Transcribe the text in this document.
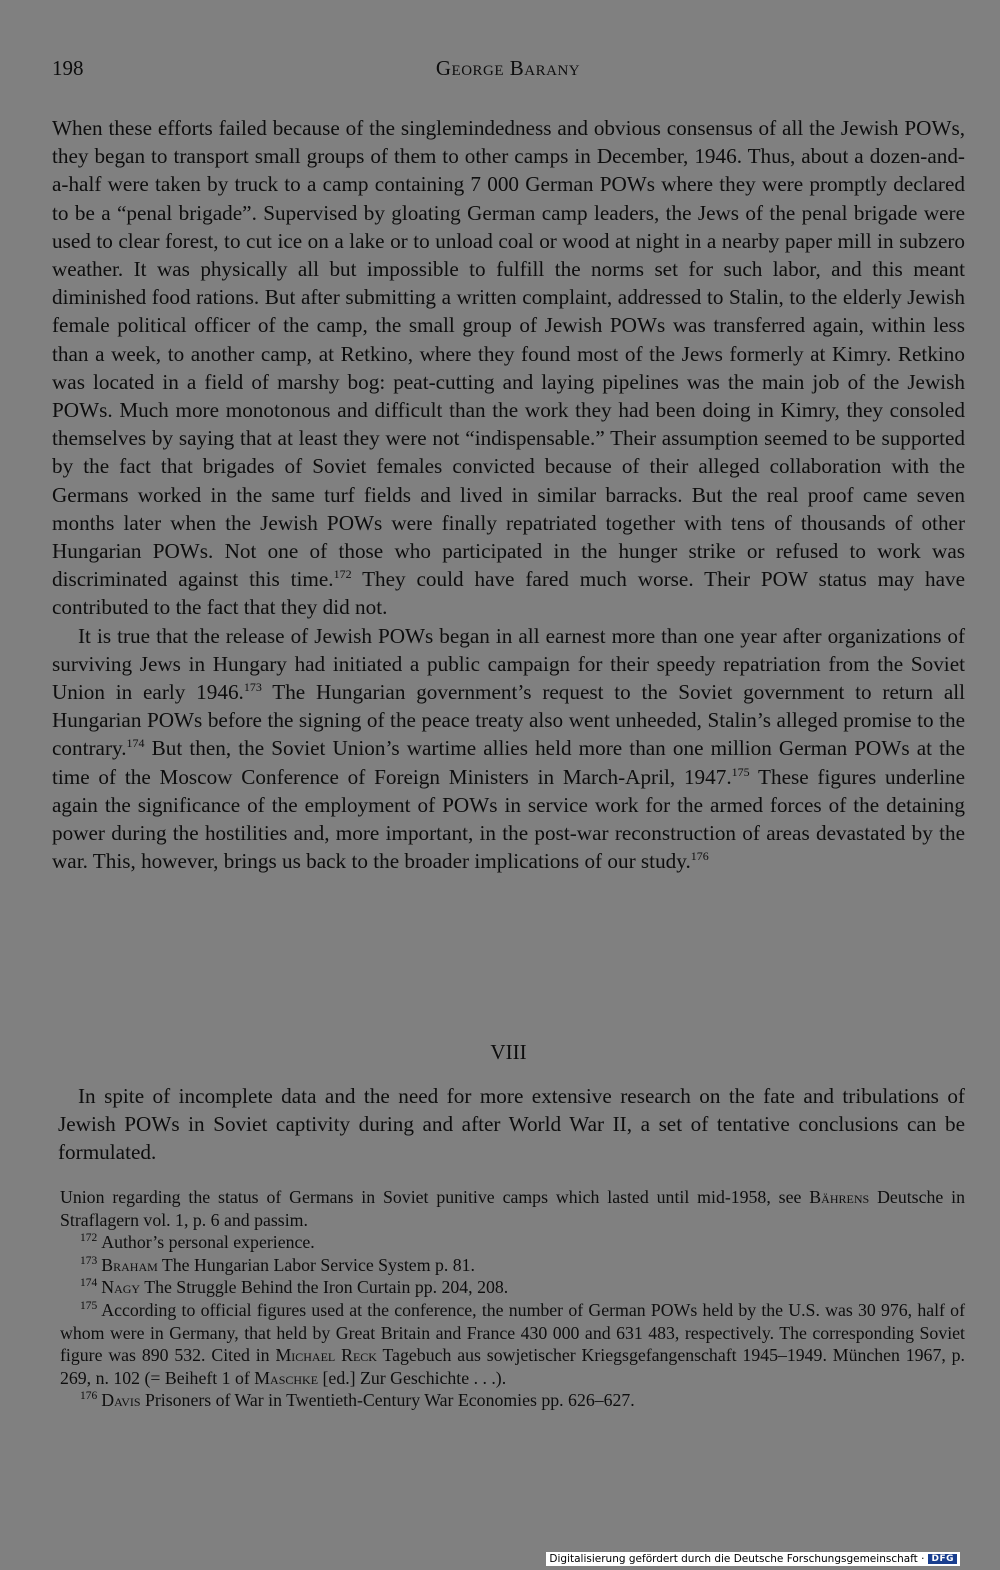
198	George Barany

When these efforts failed because of the singlemindedness and obvious consensus of all the Jewish POWs, they began to transport small groups of them to other camps in December, 1946. Thus, about a dozen-and-a-half were taken by truck to a camp containing 7 000 German POWs where they were promptly declared to be a “penal brigade”. Supervised by gloating German camp leaders, the Jews of the penal brigade were used to clear forest, to cut ice on a lake or to unload coal or wood at night in a nearby paper mill in subzero weather. It was physically all but impossible to fulfill the norms set for such labor, and this meant diminished food rations. But after submitting a written complaint, addressed to Stalin, to the elderly Jewish female political officer of the camp, the small group of Jewish POWs was transferred again, within less than a week, to another camp, at Retkino, where they found most of the Jews formerly at Kimry. Retkino was located in a field of marshy bog: peat-cutting and laying pipelines was the main job of the Jewish POWs. Much more monotonous and difficult than the work they had been doing in Kimry, they consoled themselves by saying that at least they were not “indispensable.” Their assumption seemed to be supported by the fact that brigades of Soviet females convicted because of their alleged collaboration with the Germans worked in the same turf fields and lived in similar barracks. But the real proof came seven months later when the Jewish POWs were finally repatriated together with tens of thousands of other Hungarian POWs. Not one of those who participated in the hunger strike or refused to work was discriminated against this time.$^{172}$ They could have fared much worse. Their POW status may have contributed to the fact that they did not.

It is true that the release of Jewish POWs began in all earnest more than one year after organizations of surviving Jews in Hungary had initiated a public campaign for their speedy repatriation from the Soviet Union in early 1946.$^{173}$ The Hungarian government’s request to the Soviet government to return all Hungarian POWs before the signing of the peace treaty also went unheeded, Stalin’s alleged promise to the contrary.$^{174}$ But then, the Soviet Union’s wartime allies held more than one million German POWs at the time of the Moscow Conference of Foreign Ministers in March-April, 1947.$^{175}$ These figures underline again the significance of the employment of POWs in service work for the armed forces of the detaining power during the hostilities and, more important, in the post-war reconstruction of areas devastated by the war. This, however, brings us back to the broader implications of our study.$^{176}$

VIII
In spite of incomplete data and the need for more extensive research on the fate and tribulations of Jewish POWs in Soviet captivity during and after World War II, a set of tentative conclusions can be formulated.

Union regarding the status of Germans in Soviet punitive camps which lasted until mid-1958, see Bährens Deutsche in Straflagern vol. 1, p. 6 and passim.

$^{172}$ Author’s personal experience.

$^{173}$ Braham The Hungarian Labor Service System p. 81.

$^{174}$ Nagy The Struggle Behind the Iron Curtain pp. 204, 208.

$^{175}$ According to official figures used at the conference, the number of German POWs held by the U.S. was 30 976, half of whom were in Germany, that held by Great Britain and France 430 000 and 631 483, respectively. The corresponding Soviet figure was 890 532. Cited in Michael Reck Tagebuch aus sowjetischer Kriegsgefangenschaft 1945–1949. München 1967, p. 269, n. 102 (= Beiheft 1 of Maschke [ed.] Zur Geschichte . . .).

$^{176}$ Davis Prisoners of War in Twentieth-Century War Economies pp. 626–627.

Digitalisierung gefördert durch die Deutsche Forschungsgemeinschaft · DFG
